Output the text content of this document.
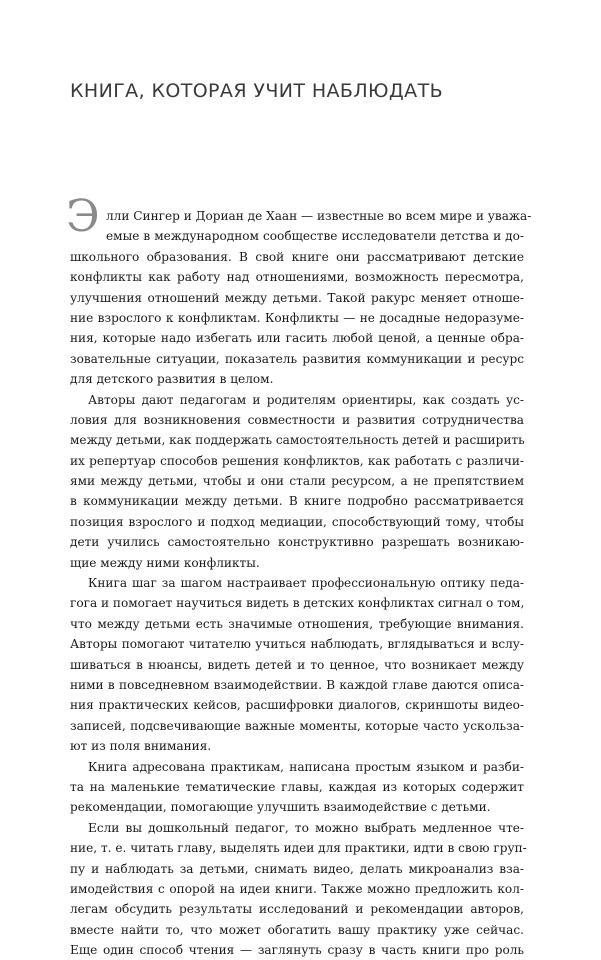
КНИГА, КОТОРАЯ УЧИТ НАБЛЮДАТЬ
Э лли Сингер и Дориан де Хаан — известные во всем мире и уважа-
емые в международном сообществе исследователи детства и до-
школьного образования. В свой книге они рассматривают детские
конфликты как работу над отношениями, возможность пересмотра,
улучшения отношений между детьми. Такой ракурс меняет отноше-
ние взрослого к конфликтам. Конфликты — не досадные недоразуме-
ния, которые надо избегать или гасить любой ценой, а ценные обра-
зовательные ситуации, показатель развития коммуникации и ресурс
для детского развития в целом.
Авторы дают педагогам и родителям ориентиры, как создать ус-
ловия для возникновения совместности и развития сотрудничества
между детьми, как поддержать самостоятельность детей и расширить
их репертуар способов решения конфликтов, как работать с различи-
ями между детьми, чтобы и они стали ресурсом, а не препятствием
в коммуникации между детьми. В книге подробно рассматривается
позиция взрослого и подход медиации, способствующий тому, чтобы
дети учились самостоятельно конструктивно разрешать возникаю-
щие между ними конфликты.
Книга шаг за шагом настраивает профессиональную оптику педа-
гога и помогает научиться видеть в детских конфликтах сигнал о том,
что между детьми есть значимые отношения, требующие внимания.
Авторы помогают читателю учиться наблюдать, вглядываться и вслу-
шиваться в нюансы, видеть детей и то ценное, что возникает между
ними в повседневном взаимодействии. В каждой главе даются описа-
ния практических кейсов, расшифровки диалогов, скриншоты видео-
записей, подсвечивающие важные моменты, которые часто ускольза-
ют из поля внимания.
Книга адресована практикам, написана простым языком и разби-
та на маленькие тематические главы, каждая из которых содержит
рекомендации, помогающие улучшить взаимодействие с детьми.
Если вы дошкольный педагог, то можно выбрать медленное чте-
ние, т. е. читать главу, выделять идеи для практики, идти в свою груп-
пу и наблюдать за детьми, снимать видео, делать микроанализ вза-
имодействия с опорой на идеи книги. Также можно предложить кол-
легам обсудить результаты исследований и рекомендации авторов,
вместе найти то, что может обогатить вашу практику уже сейчас.
Еще один способ чтения — заглянуть сразу в часть книги про роль
